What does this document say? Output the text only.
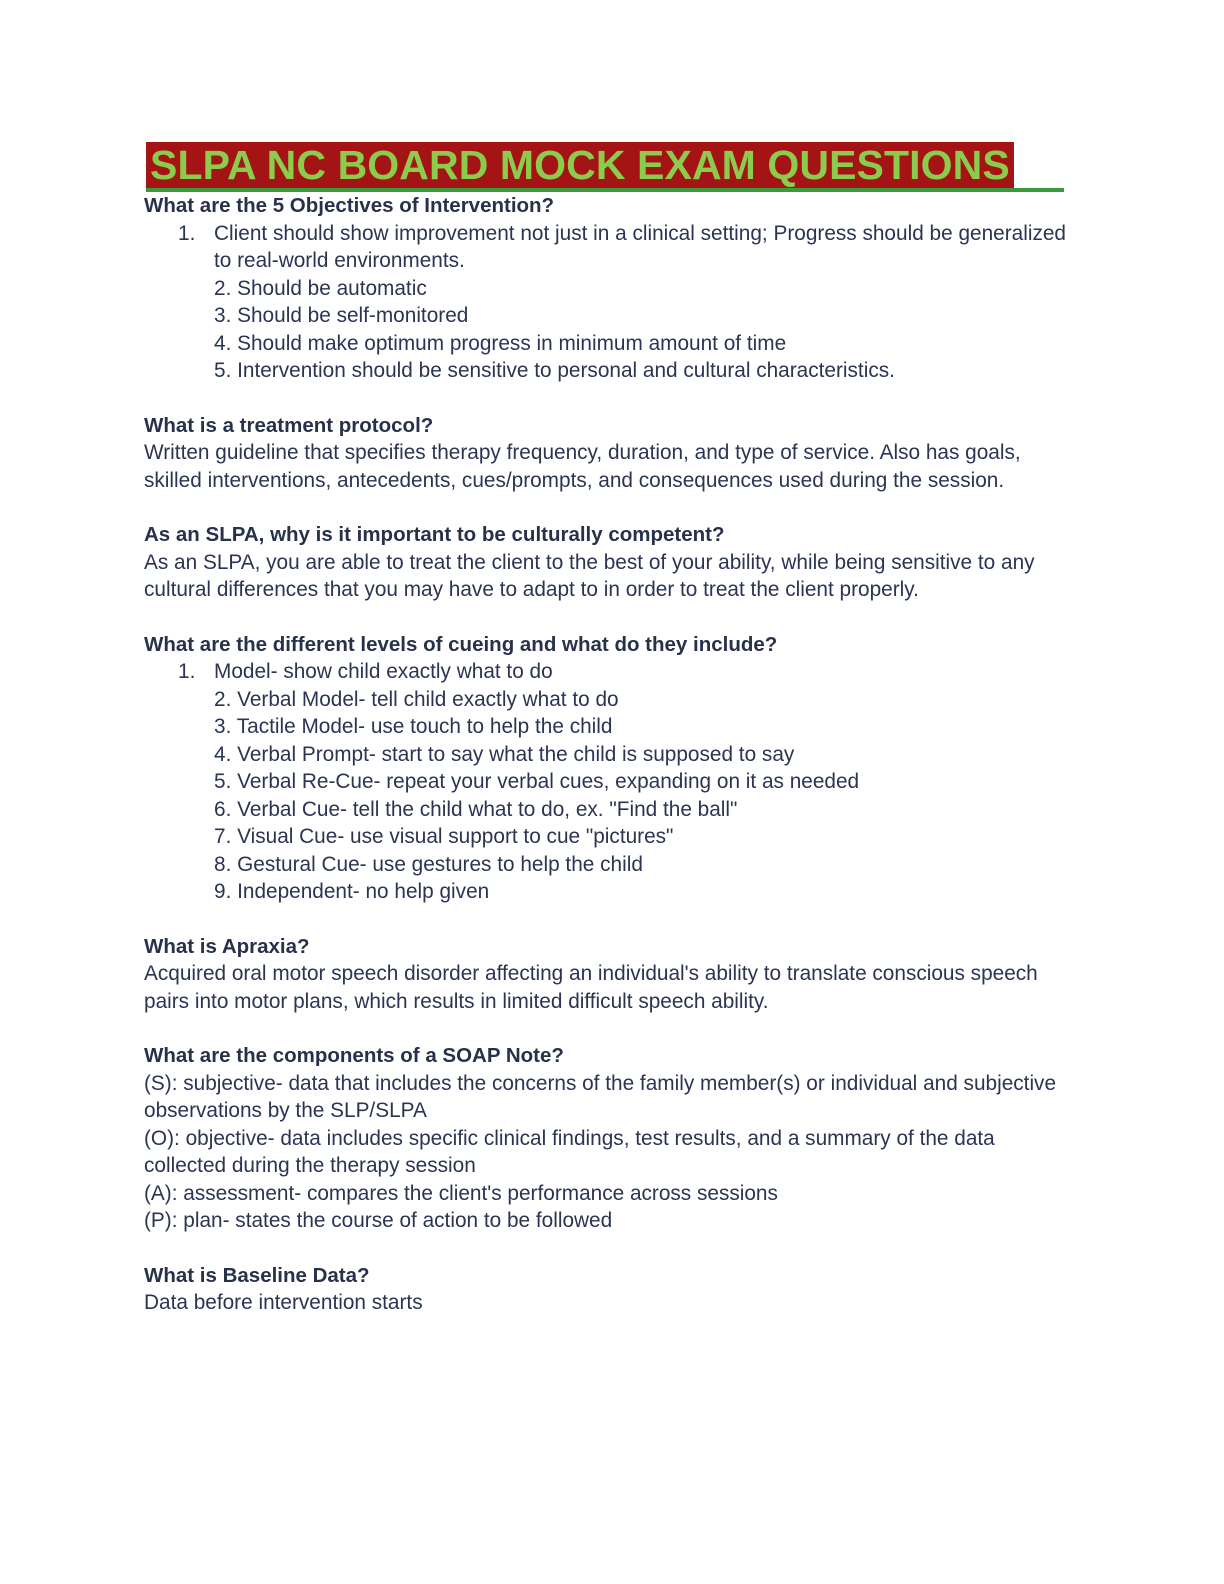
SLPA NC BOARD MOCK EXAM QUESTIONS

What are the 5 Objectives of Intervention?

1. Client should show improvement not just in a clinical setting; Progress should be generalized to real-world environments.
2. Should be automatic
3. Should be self-monitored
4. Should make optimum progress in minimum amount of time
5. Intervention should be sensitive to personal and cultural characteristics.

What is a treatment protocol?

Written guideline that specifies therapy frequency, duration, and type of service. Also has goals, skilled interventions, antecedents, cues/prompts, and consequences used during the session.

As an SLPA, why is it important to be culturally competent?

As an SLPA, you are able to treat the client to the best of your ability, while being sensitive to any cultural differences that you may have to adapt to in order to treat the client properly.

What are the different levels of cueing and what do they include?

1. Model- show child exactly what to do
2. Verbal Model- tell child exactly what to do
3. Tactile Model- use touch to help the child
4. Verbal Prompt- start to say what the child is supposed to say
5. Verbal Re-Cue- repeat your verbal cues, expanding on it as needed
6. Verbal Cue- tell the child what to do, ex. "Find the ball"
7. Visual Cue- use visual support to cue "pictures"
8. Gestural Cue- use gestures to help the child
9. Independent- no help given

What is Apraxia?

Acquired oral motor speech disorder affecting an individual's ability to translate conscious speech pairs into motor plans, which results in limited difficult speech ability.

What are the components of a SOAP Note?

(S): subjective- data that includes the concerns of the family member(s) or individual and subjective observations by the SLP/SLPA

(O): objective- data includes specific clinical findings, test results, and a summary of the data collected during the therapy session

(A): assessment- compares the client's performance across sessions

(P): plan- states the course of action to be followed

What is Baseline Data?

Data before intervention starts
